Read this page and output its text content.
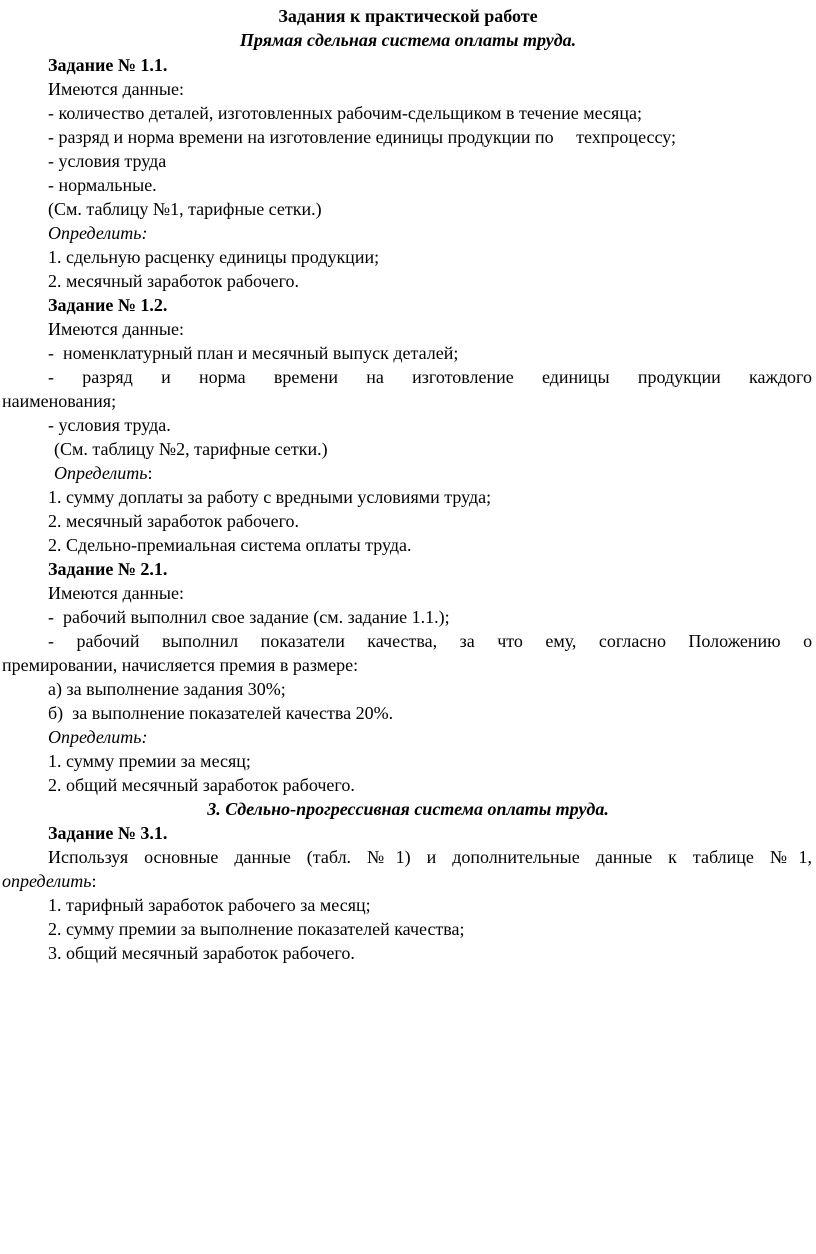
Задания к практической работе
Прямая сдельная система оплаты труда.
Задание № 1.1.
Имеются данные:
- количество деталей, изготовленных рабочим-сдельщиком в течение месяца;
- разряд и норма времени на изготовление единицы продукции по     техпроцессу;
- условия труда
- нормальные.
(См. таблицу №1, тарифные сетки.)
Определить:
1. сдельную расценку единицы продукции;
2. месячный заработок рабочего.
Задание № 1.2.
Имеются данные:
-  номенклатурный план и месячный выпуск деталей;
- разряд и норма времени на изготовление единицы продукции каждого
наименования;
- условия труда.
(См. таблицу №2, тарифные сетки.)
Определить:
1. сумму доплаты за работу с вредными условиями труда;
2. месячный заработок рабочего.
2. Сдельно-премиальная система оплаты труда.
Задание № 2.1.
Имеются данные:
-  рабочий выполнил свое задание (см. задание 1.1.);
- рабочий выполнил показатели качества, за что ему, согласно Положению о
премировании, начисляется премия в размере:
а) за выполнение задания 30%;
б)  за выполнение показателей качества 20%.
Определить:
1. сумму премии за месяц;
2. общий месячный заработок рабочего.
3. Сдельно-прогрессивная система оплаты труда.
Задание № 3.1.
Используя основные данные (табл. №1) и дополнительные данные к таблице №1,
определить:
1. тарифный заработок рабочего за месяц;
2. сумму премии за выполнение показателей качества;
3. общий месячный заработок рабочего.
